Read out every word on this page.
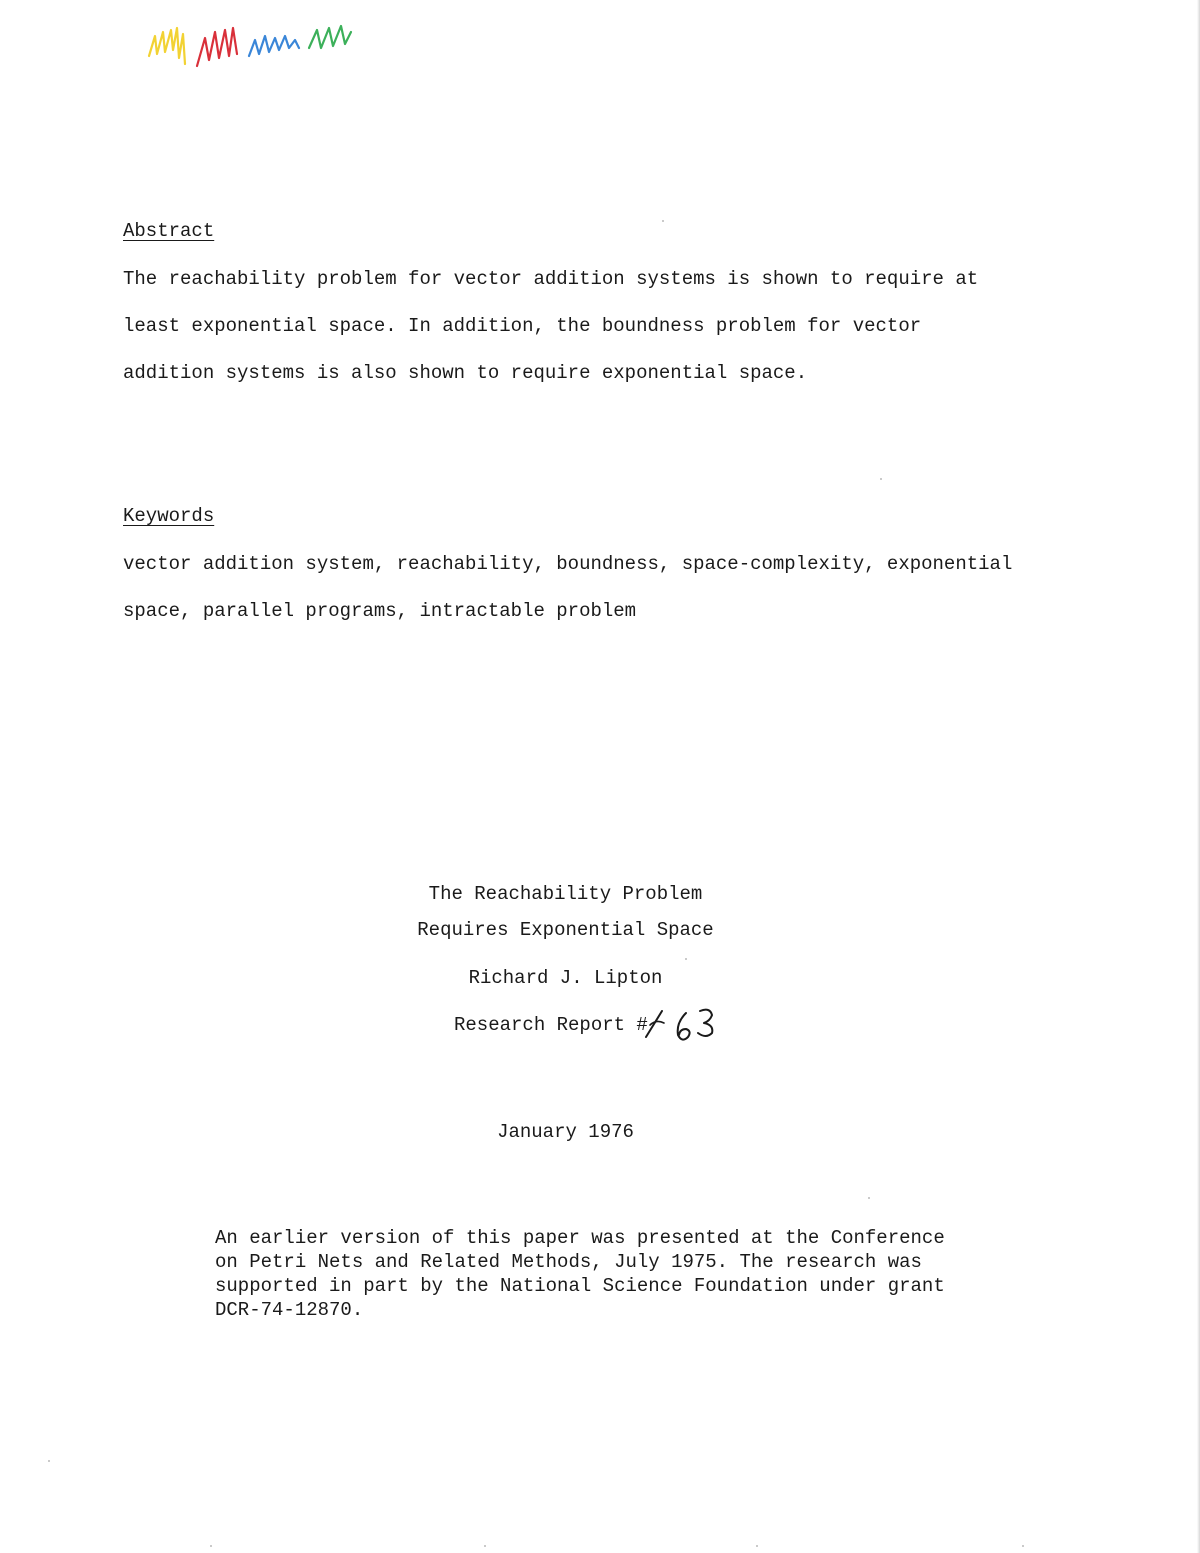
Abstract
The reachability problem for vector addition systems is shown to require at
least exponential space. In addition, the boundness problem for vector
addition systems is also shown to require exponential space.
Keywords
vector addition system, reachability, boundness, space-complexity, exponential
space, parallel programs, intractable problem
The Reachability Problem
Requires Exponential Space
Richard J. Lipton
Research Report #
January 1976
An earlier version of this paper was presented at the Conference
on Petri Nets and Related Methods, July 1975. The research was
supported in part by the National Science Foundation under grant
DCR-74-12870.
